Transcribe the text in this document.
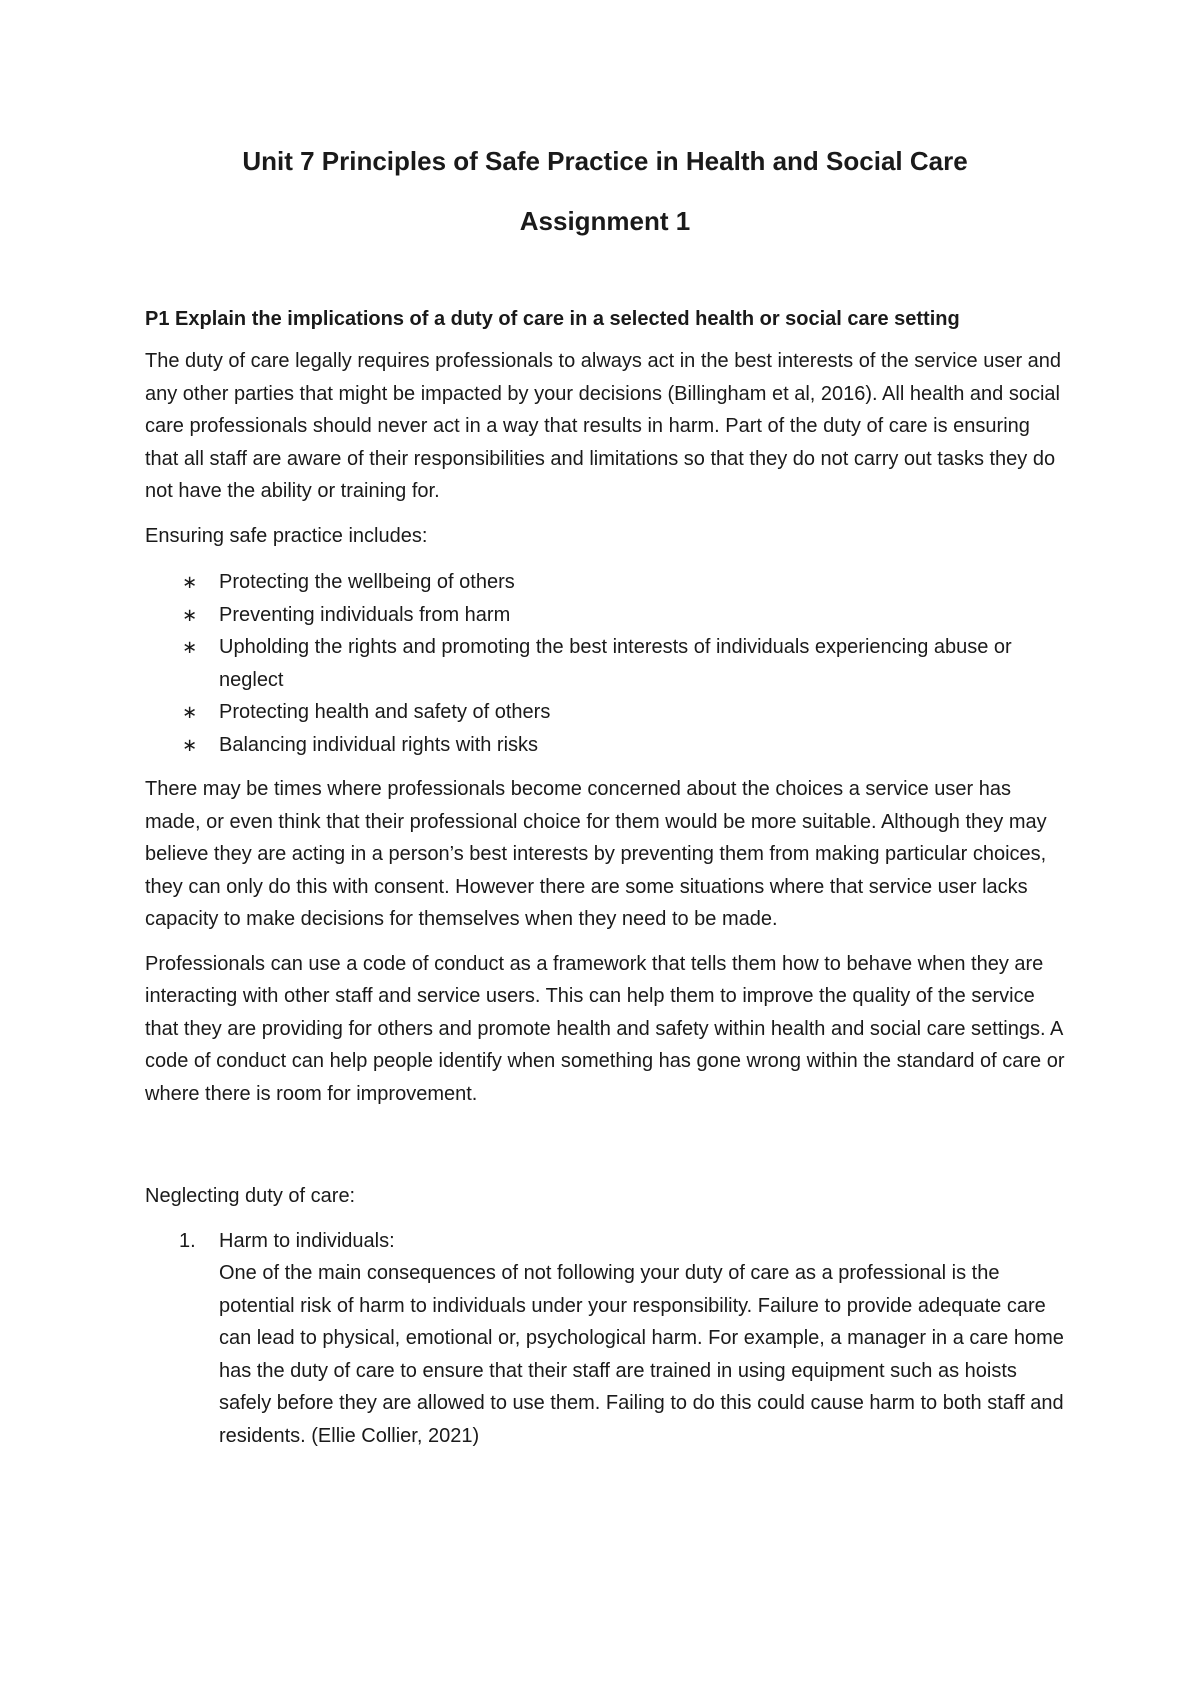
Unit 7 Principles of Safe Practice in Health and Social Care
Assignment 1
P1 Explain the implications of a duty of care in a selected health or social care setting

The duty of care legally requires professionals to always act in the best interests of the service user and any other parties that might be impacted by your decisions (Billingham et al, 2016). All health and social care professionals should never act in a way that results in harm. Part of the duty of care is ensuring that all staff are aware of their responsibilities and limitations so that they do not carry out tasks they do not have the ability or training for.

Ensuring safe practice includes:

∗ Protecting the wellbeing of others
∗ Preventing individuals from harm
∗ Upholding the rights and promoting the best interests of individuals experiencing abuse or neglect
∗ Protecting health and safety of others
∗ Balancing individual rights with risks

There may be times where professionals become concerned about the choices a service user has made, or even think that their professional choice for them would be more suitable. Although they may believe they are acting in a person’s best interests by preventing them from making particular choices, they can only do this with consent. However there are some situations where that service user lacks capacity to make decisions for themselves when they need to be made.

Professionals can use a code of conduct as a framework that tells them how to behave when they are interacting with other staff and service users. This can help them to improve the quality of the service that they are providing for others and promote health and safety within health and social care settings. A code of conduct can help people identify when something has gone wrong within the standard of care or where there is room for improvement.

Neglecting duty of care:

1. Harm to individuals:
One of the main consequences of not following your duty of care as a professional is the potential risk of harm to individuals under your responsibility. Failure to provide adequate care can lead to physical, emotional or, psychological harm. For example, a manager in a care home has the duty of care to ensure that their staff are trained in using equipment such as hoists safely before they are allowed to use them. Failing to do this could cause harm to both staff and residents. (Ellie Collier, 2021)
